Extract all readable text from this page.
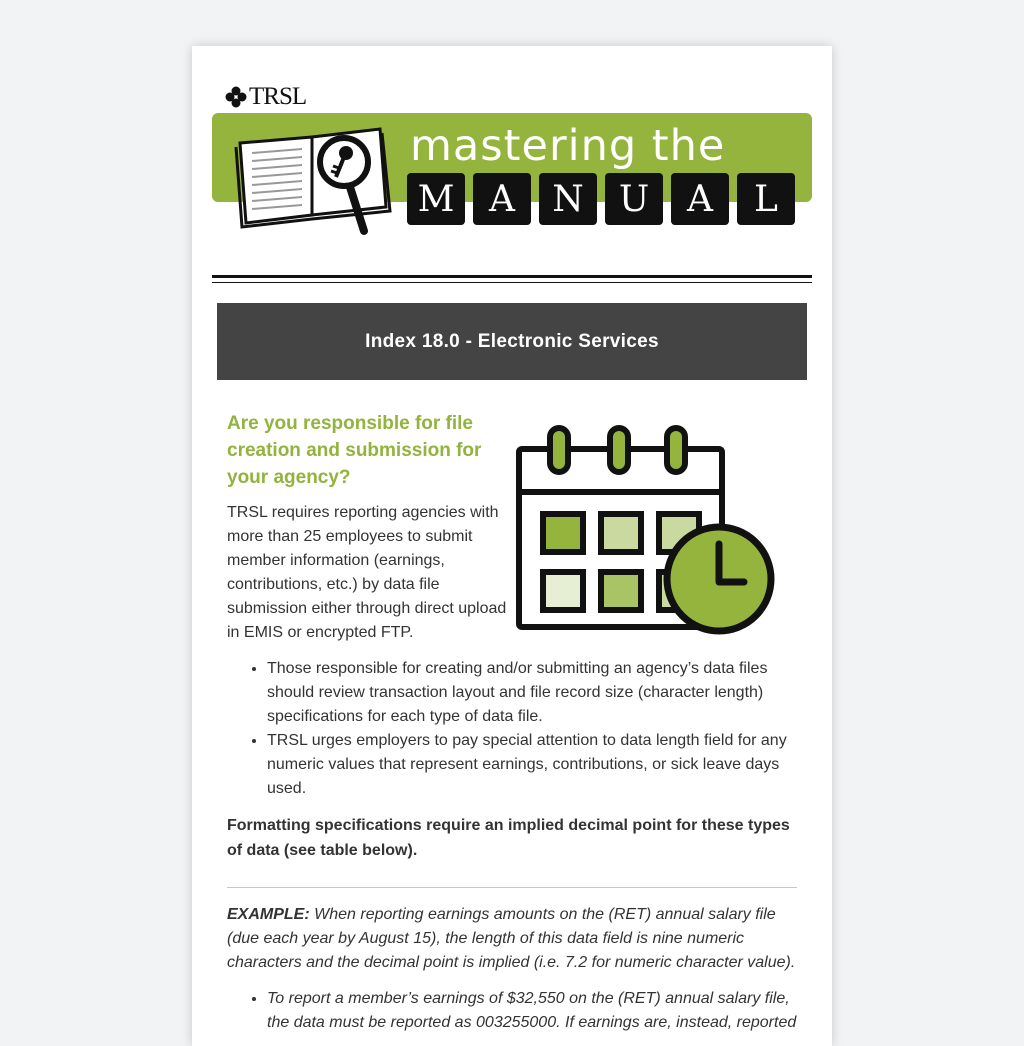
TRSL
mastering the
M A	N U	A	L
Index 18.0 - Electronic Services
Are you responsible for file creation and submission for your agency?
TRSL requires reporting agencies with more than 25 employees to submit member information (earnings, contributions, etc.) by data file submission either through direct upload in EMIS or encrypted FTP.
• Those responsible for creating and/or submitting an agency’s data files should review transaction layout and file record size (character length) specifications for each type of data file.
• TRSL urges employers to pay special attention to data length field for any numeric values that represent earnings, contributions, or sick leave days used.
Formatting specifications require an implied decimal point for these types of data (see table below).
EXAMPLE: When reporting earnings amounts on the (RET) annual salary file (due each year by August 15), the length of this data field is nine numeric characters and the decimal point is implied (i.e. 7.2 for numeric character value).
• To report a member’s earnings of $32,550 on the (RET) annual salary file, the data must be reported as 003255000. If earnings are, instead, reported
